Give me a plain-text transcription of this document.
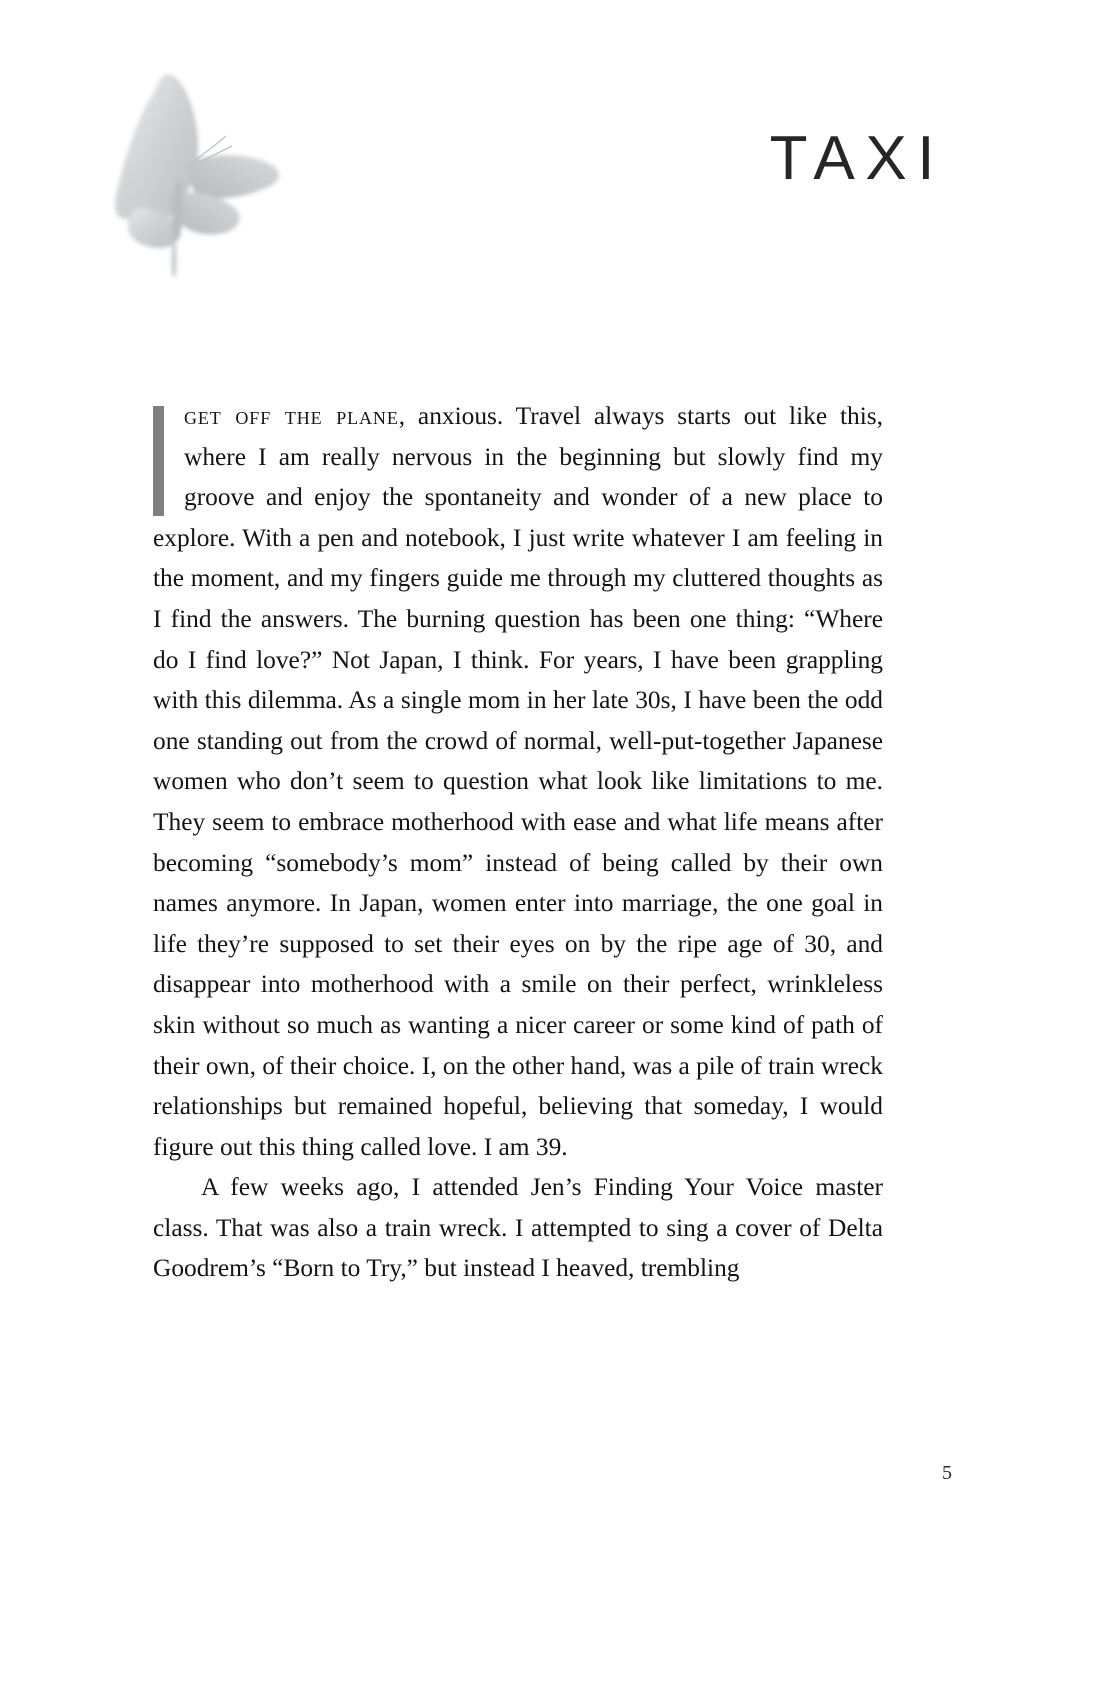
TAXI

get off the plane, anxious. Travel always starts out like this, where I am really nervous in the beginning but slowly find my groove and enjoy the spontaneity and wonder of a new place to explore. With a pen and notebook, I just write whatever I am feeling in the moment, and my fingers guide me through my cluttered thoughts as I find the answers. The burning question has been one thing: “Where do I find love?” Not Japan, I think. For years, I have been grappling with this dilemma. As a single mom in her late 30s, I have been the odd one standing out from the crowd of normal, well-put-together Japanese women who don’t seem to question what look like limitations to me. They seem to embrace motherhood with ease and what life means after becoming “somebody’s mom” instead of being called by their own names anymore. In Japan, women enter into marriage, the one goal in life they’re supposed to set their eyes on by the ripe age of 30, and disappear into motherhood with a smile on their perfect, wrinkleless skin without so much as wanting a nicer career or some kind of path of their own, of their choice. I, on the other hand, was a pile of train wreck relationships but remained hopeful, believing that someday, I would figure out this thing called love. I am 39.

A few weeks ago, I attended Jen’s Finding Your Voice master class. That was also a train wreck. I attempted to sing a cover of Delta Goodrem’s “Born to Try,” but instead I heaved, trembling

5
